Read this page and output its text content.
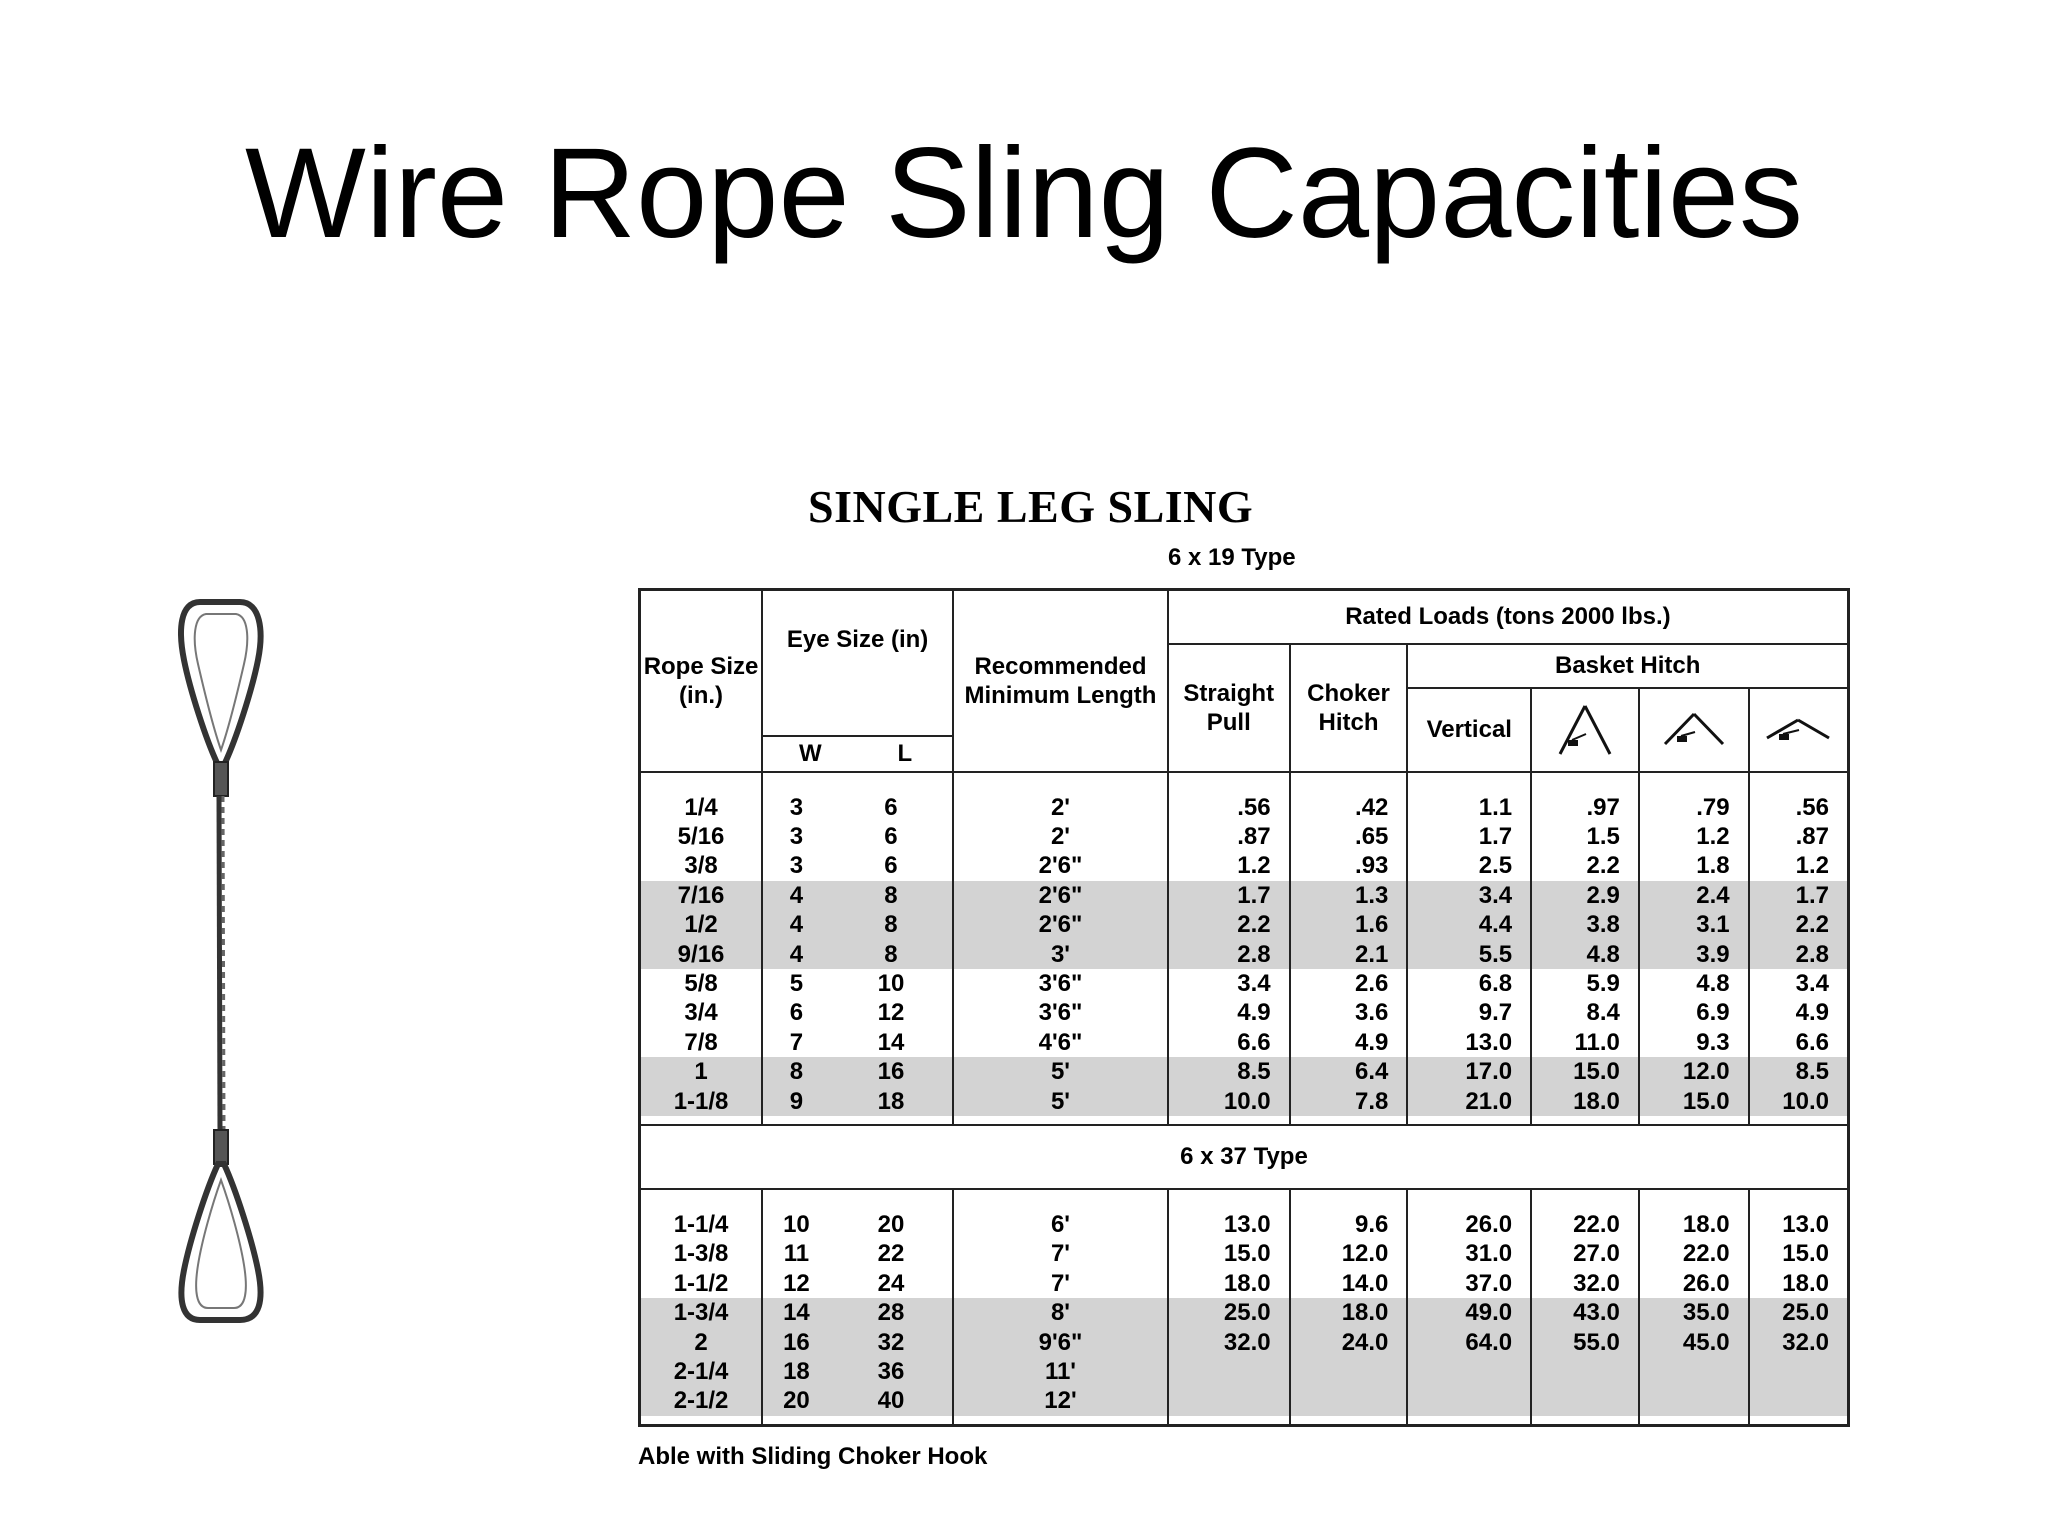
Wire Rope Sling Capacities
SINGLE LEG SLING
6 x 19 Type
Rope Size (in.)	Eye Size (in)		Recommended Minimum Length	Rated Loads (tons 2000 lbs.)					
				Straight Pull	Choker Hitch	Basket Hitch			

	W L					Vertical	

1/4	3	6	2'	.56	.42	1.1	.97	.79	.56
5/16	3	6	2'	.87	.65	1.7	1.5	1.2	.87
3/8	3	6	2'6"	1.2	.93	2.5	2.2	1.8	1.2
7/16	4	8	2'6"	1.7	1.3	3.4	2.9	2.4	1.7
1/2	4	8	2'6"	2.2	1.6	4.4	3.8	3.1	2.2
9/16	4	8	3'	2.8	2.1	5.5	4.8	3.9	2.8
5/8	5	10	3'6"	3.4	2.6	6.8	5.9	4.8	3.4
3/4	6	12	3'6"	4.9	3.6	9.7	8.4	6.9	4.9
7/8	7	14	4'6"	6.6	4.9	13.0	11.0	9.3	6.6
1	8	16	5'	8.5	6.4	17.0	15.0	12.0	8.5
1-1/8	9	18	5'	10.0	7.8	21.0	18.0	15.0	10.0

6 x 37 Type									

1-1/4	10	20	6'	13.0	9.6	26.0	22.0	18.0	13.0
1-3/8	11	22	7'	15.0	12.0	31.0	27.0	22.0	15.0
1-1/2	12	24	7'	18.0	14.0	37.0	32.0	26.0	18.0
1-3/4	14	28	8'	25.0	18.0	49.0	43.0	35.0	25.0
2	16	32	9'6"	32.0	24.0	64.0	55.0	45.0	32.0
2-1/4	18	36	11'						
2-1/2	20	40	12'						

Able with Sliding Choker Hook
